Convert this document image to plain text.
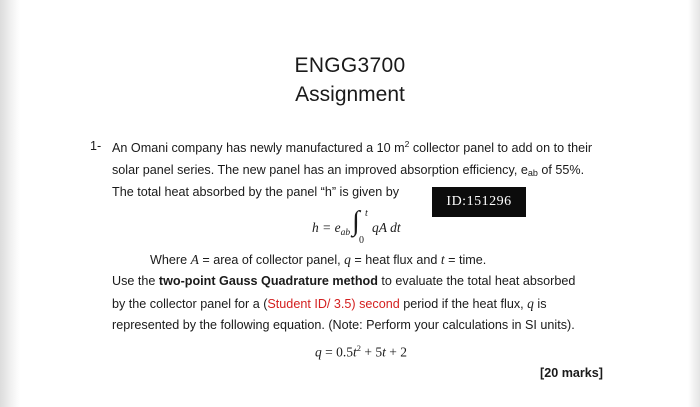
ENGG3700
Assignment
1- An Omani company has newly manufactured a 10 $m^2$ collector panel to add on to their
solar panel series. The new panel has an improved absorption efficiency, eab of 55%.
The total heat absorbed by the panel “h” is given by
ID:151296
$h = e_{ab}$ ∫ t
0
qA dt
Where A = area of collector panel, q = heat flux and t = time.
Use the two-point Gauss Quadrature method to evaluate the total heat absorbed
by the collector panel for a (Student ID/ 3.5) second period if the heat flux, q is
represented by the following equation. (Note: Perform your calculations in SI units).
$q = 0.5t^2 + 5t + 2$
[20 marks]
